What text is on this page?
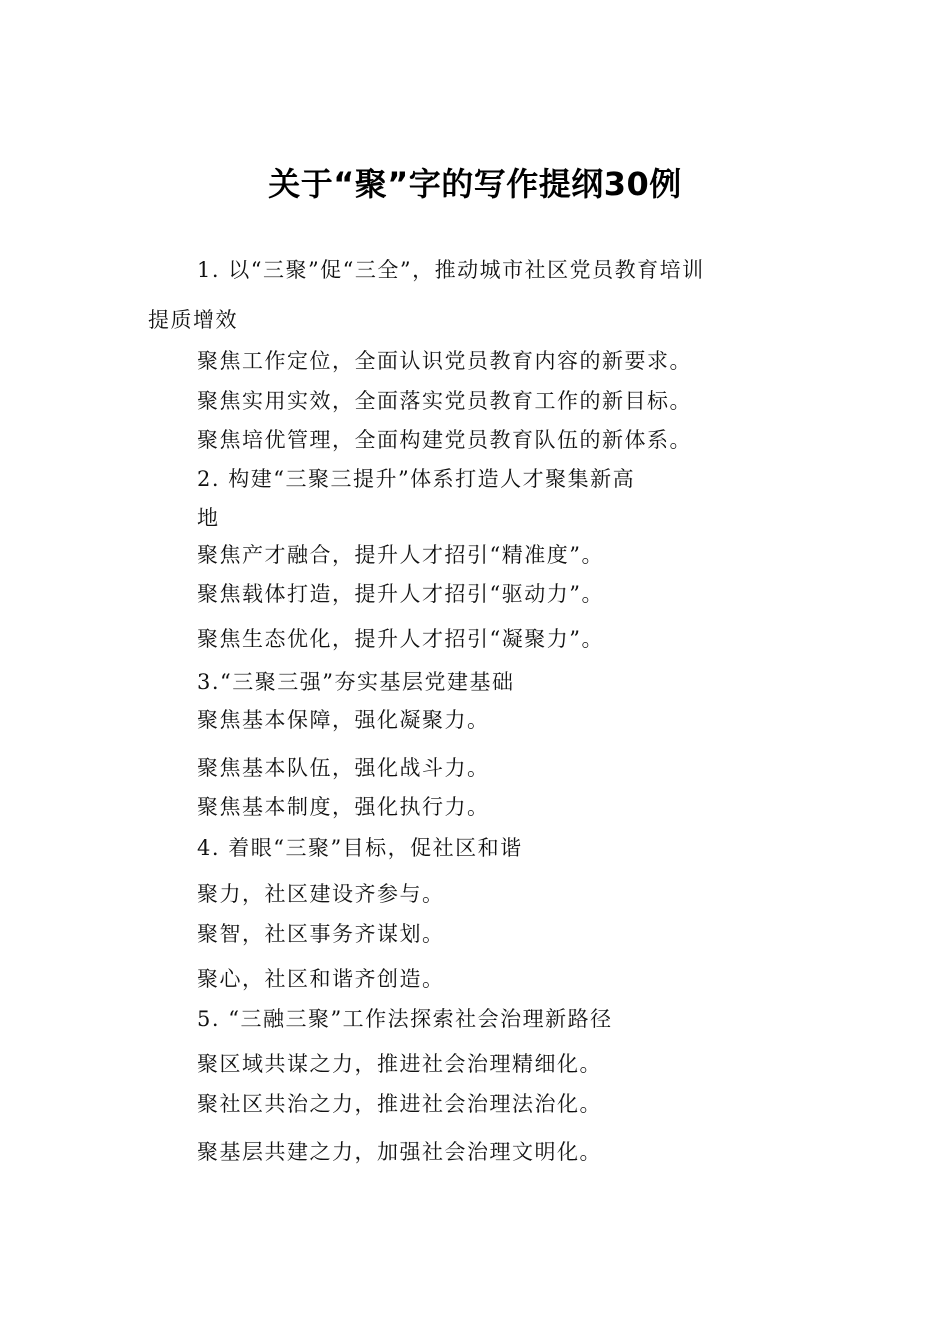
关于“聚”字的写作提纲30例
1. 以“三聚”促“三全”，推动城市社区党员教育培训
提质增效
聚焦工作定位，全面认识党员教育内容的新要求。
聚焦实用实效，全面落实党员教育工作的新目标。
聚焦培优管理，全面构建党员教育队伍的新体系。
2. 构建“三聚三提升”体系打造人才聚集新高
地
聚焦产才融合，提升人才招引“精准度”。
聚焦载体打造，提升人才招引“驱动力”。
聚焦生态优化，提升人才招引“凝聚力”。
3.“三聚三强”夯实基层党建基础
聚焦基本保障，强化凝聚力。
聚焦基本队伍，强化战斗力。
聚焦基本制度，强化执行力。
4. 着眼“三聚”目标，促社区和谐
聚力，社区建设齐参与。
聚智，社区事务齐谋划。
聚心，社区和谐齐创造。
5. “三融三聚”工作法探索社会治理新路径
聚区域共谋之力，推进社会治理精细化。
聚社区共治之力，推进社会治理法治化。
聚基层共建之力，加强社会治理文明化。
